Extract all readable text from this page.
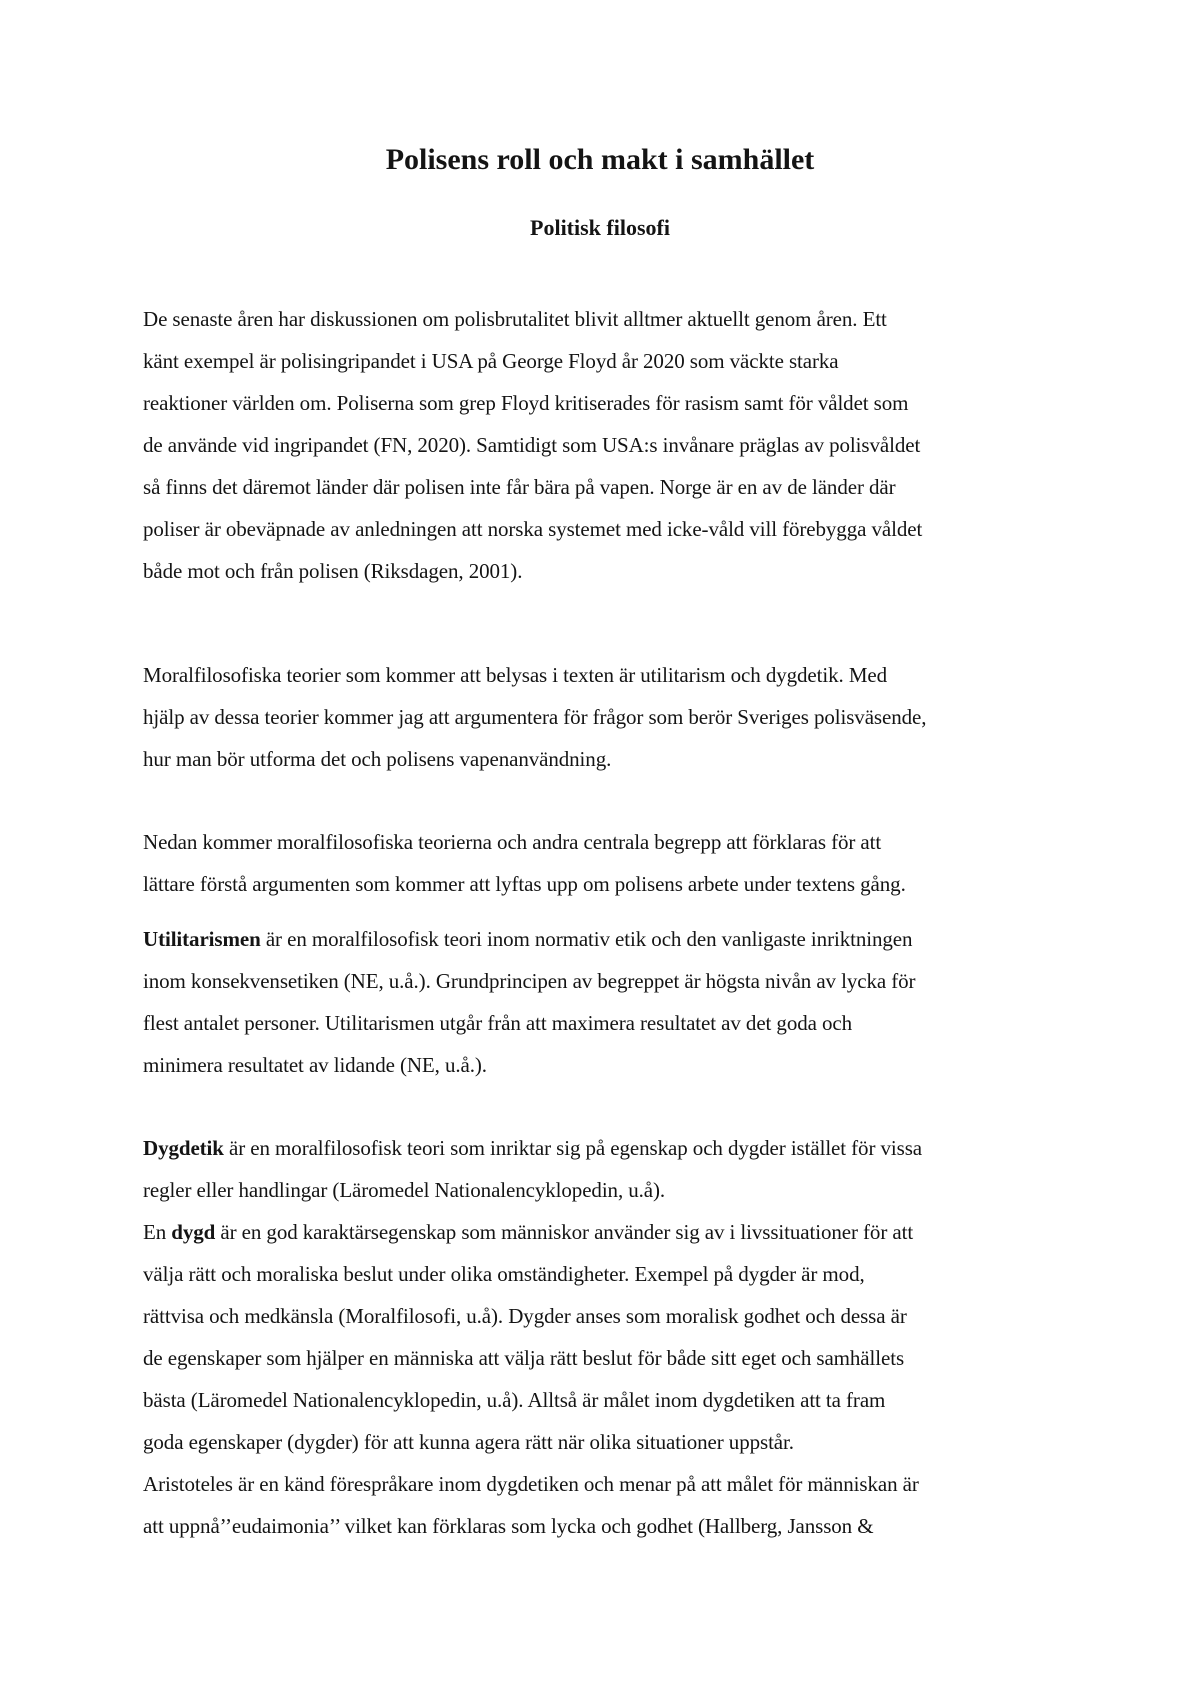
Polisens roll och makt i samhället
Politisk filosofi

De senaste åren har diskussionen om polisbrutalitet blivit alltmer aktuellt genom åren. Ett
känt exempel är polisingripandet i USA på George Floyd år 2020 som väckte starka
reaktioner världen om. Poliserna som grep Floyd kritiserades för rasism samt för våldet som
de använde vid ingripandet (FN, 2020). Samtidigt som USA:s invånare präglas av polisvåldet
så finns det däremot länder där polisen inte får bära på vapen. Norge är en av de länder där
poliser är obeväpnade av anledningen att norska systemet med icke-våld vill förebygga våldet
både mot och från polisen (Riksdagen, 2001).

Moralfilosofiska teorier som kommer att belysas i texten är utilitarism och dygdetik. Med
hjälp av dessa teorier kommer jag att argumentera för frågor som berör Sveriges polisväsende,
hur man bör utforma det och polisens vapenanvändning.

Nedan kommer moralfilosofiska teorierna och andra centrala begrepp att förklaras för att
lättare förstå argumenten som kommer att lyftas upp om polisens arbete under textens gång.

Utilitarismen är en moralfilosofisk teori inom normativ etik och den vanligaste inriktningen
inom konsekvensetiken (NE, u.å.). Grundprincipen av begreppet är högsta nivån av lycka för
flest antalet personer. Utilitarismen utgår från att maximera resultatet av det goda och
minimera resultatet av lidande (NE, u.å.).

Dygdetik är en moralfilosofisk teori som inriktar sig på egenskap och dygder istället för vissa
regler eller handlingar (Läromedel Nationalencyklopedin, u.å).
En dygd är en god karaktärsegenskap som människor använder sig av i livssituationer för att
välja rätt och moraliska beslut under olika omständigheter. Exempel på dygder är mod,
rättvisa och medkänsla (Moralfilosofi, u.å). Dygder anses som moralisk godhet och dessa är
de egenskaper som hjälper en människa att välja rätt beslut för både sitt eget och samhällets
bästa (Läromedel Nationalencyklopedin, u.å). Alltså är målet inom dygdetiken att ta fram
goda egenskaper (dygder) för att kunna agera rätt när olika situationer uppstår.
Aristoteles är en känd förespråkare inom dygdetiken och menar på att målet för människan är
att uppnå’’eudaimonia’’ vilket kan förklaras som lycka och godhet (Hallberg, Jansson &
